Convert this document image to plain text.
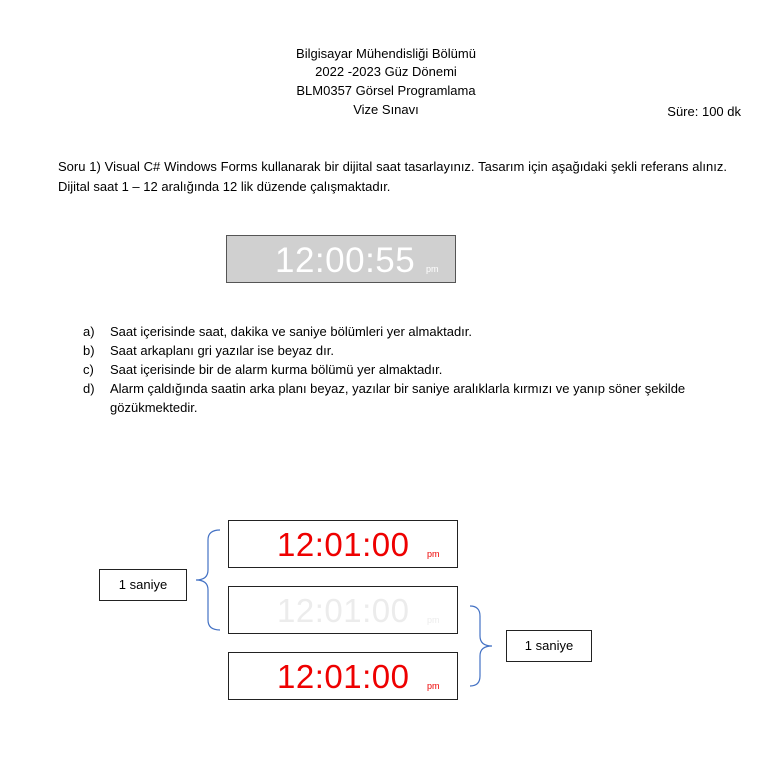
Bilgisayar Mühendisliği Bölümü
2022 -2023 Güz Dönemi
BLM0357 Görsel Programlama
Vize Sınavı	Süre: 100 dk
Soru 1) Visual C# Windows Forms kullanarak bir dijital saat tasarlayınız. Tasarım için aşağıdaki şekli referans alınız. Dijital saat 1 – 12 aralığında 12 lik düzende çalışmaktadır.
12:00:55 pm
a)	Saat içerisinde saat, dakika ve saniye bölümleri yer almaktadır.
b)	Saat arkaplanı gri yazılar ise beyaz dır.
c)	Saat içerisinde bir de alarm kurma bölümü yer almaktadır.
d)	Alarm çaldığında saatin arka planı beyaz, yazılar bir saniye aralıklarla kırmızı ve yanıp söner şekilde gözükmektedir.
12:01:00 pm
12:01:00 pm
12:01:00 pm
1 saniye
1 saniye
